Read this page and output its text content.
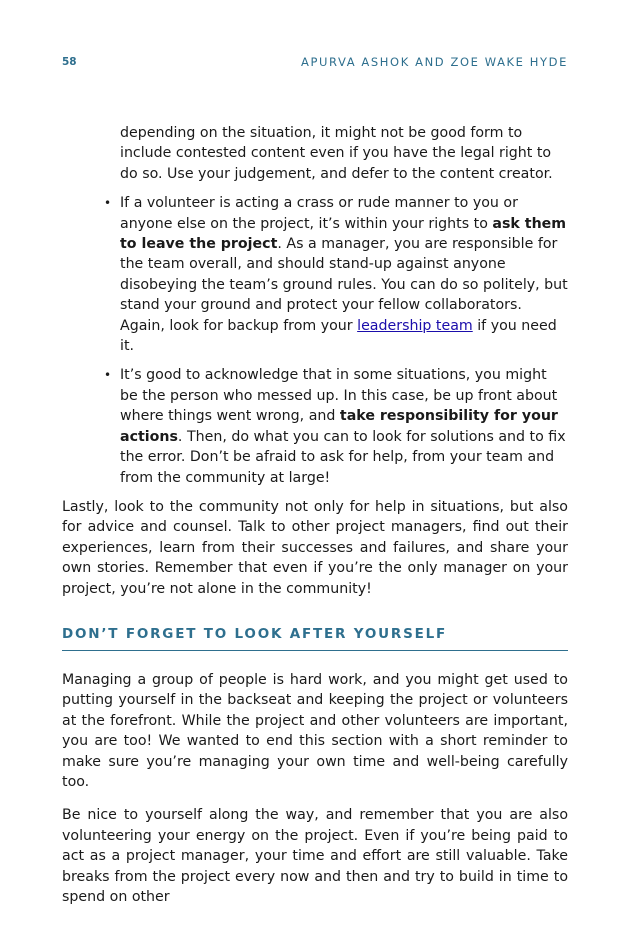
58	APURVA ASHOK AND ZOE WAKE HYDE

depending on the situation, it might not be good form to include contested content even if you have the legal right to do so. Use your judgement, and defer to the content creator.

• If a volunteer is acting a crass or rude manner to you or anyone else on the project, it’s within your rights to ask them to leave the project. As a manager, you are responsible for the team overall, and should stand-up against anyone disobeying the team’s ground rules. You can do so politely, but stand your ground and protect your fellow collaborators. Again, look for backup from your leadership team if you need it.
• It’s good to acknowledge that in some situations, you might be the person who messed up. In this case, be up front about where things went wrong, and take responsibility for your actions. Then, do what you can to look for solutions and to fix the error. Don’t be afraid to ask for help, from your team and from the community at large!

Lastly, look to the community not only for help in situations, but also for advice and counsel. Talk to other project managers, find out their experiences, learn from their successes and failures, and share your own stories. Remember that even if you’re the only manager on your project, you’re not alone in the community!

DON’T FORGET TO LOOK AFTER YOURSELF

Managing a group of people is hard work, and you might get used to putting yourself in the backseat and keeping the project or volunteers at the forefront. While the project and other volunteers are important, you are too! We wanted to end this section with a short reminder to make sure you’re managing your own time and well-being carefully too.

Be nice to yourself along the way, and remember that you are also volunteering your energy on the project. Even if you’re being paid to act as a project manager, your time and effort are still valuable. Take breaks from the project every now and then and try to build in time to spend on other
